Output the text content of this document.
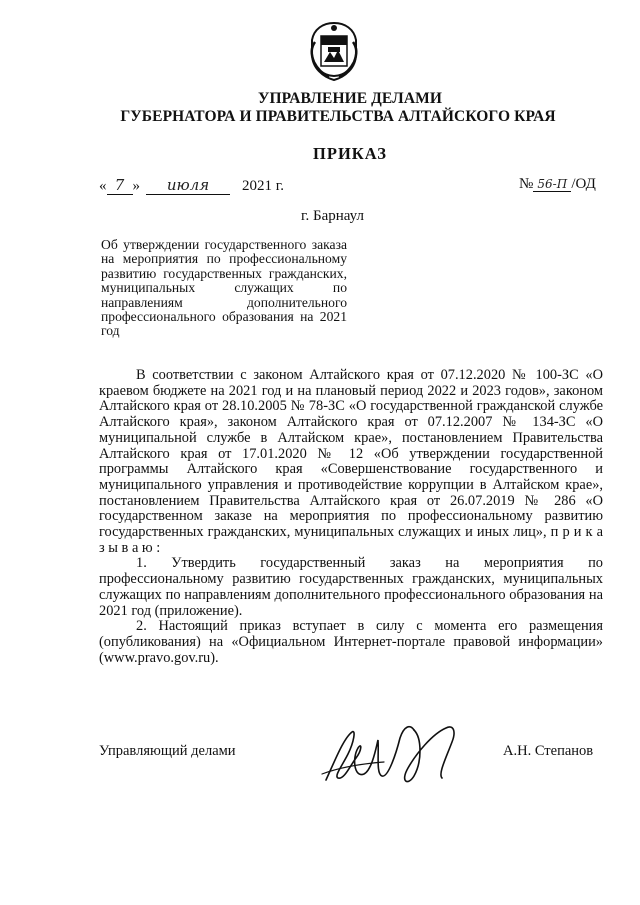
УПРАВЛЕНИЕ ДЕЛАМИ
ГУБЕРНАТОРА И ПРАВИТЕЛЬСТВА АЛТАЙСКОГО КРАЯ
ПРИКАЗ
« 7 » июля 2021 г.	№ 56-П /ОД
г. Барнаул
Об утверждении государственного заказа на мероприятия по профессиональному развитию государственных гражданских, муниципальных служащих по направлениям дополнительного профессионального образования на 2021 год

В соответствии с законом Алтайского края от 07.12.2020 № 100-ЗС «О краевом бюджете на 2021 год и на плановый период 2022 и 2023 годов», законом Алтайского края от 28.10.2005 № 78-ЗС «О государственной гражданской службе Алтайского края», законом Алтайского края от 07.12.2007 № 134-ЗС «О муниципальной службе в Алтайском крае», постановлением Правительства Алтайского края от 17.01.2020 № 12 «Об утверждении государственной программы Алтайского края «Совершенствование государственного и муниципального управления и противодействие коррупции в Алтайском крае», постановлением Правительства Алтайского края от 26.07.2019 № 286 «О государственном заказе на мероприятия по профессиональному развитию государственных гражданских, муниципальных служащих и иных лиц», п р и к а з ы в а ю :

1. Утвердить государственный заказ на мероприятия по профессиональному развитию государственных гражданских, муниципальных служащих по направлениям дополнительного профессионального образования на 2021 год (приложение).

2. Настоящий приказ вступает в силу с момента его размещения (опубликования) на «Официальном Интернет-портале правовой информации» (www.pravo.gov.ru).

Управляющий делами	А.Н. Степанов
